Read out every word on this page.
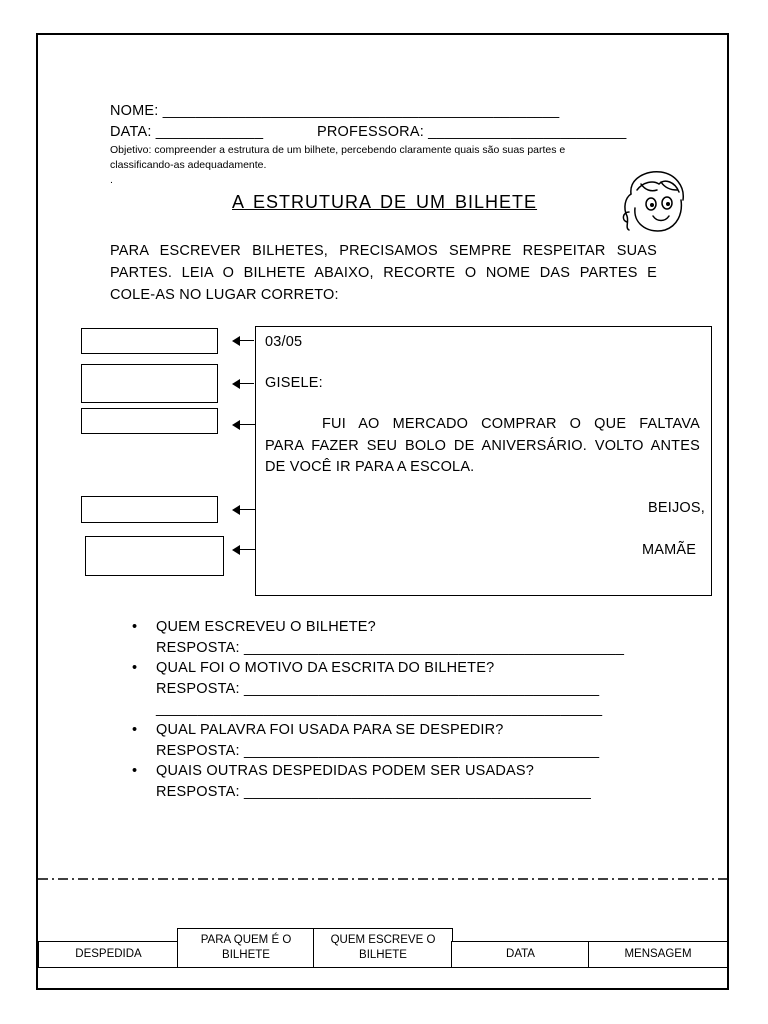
NOME: ________________________________________________
DATA: _____________	PROFESSORA: ________________________
Objetivo: compreender a estrutura de um bilhete, percebendo claramente quais são suas partes e
classificando-as adequadamente.
.
A ESTRUTURA DE UM BILHETE
PARA ESCREVER BILHETES, PRECISAMOS SEMPRE RESPEITAR SUAS
PARTES. LEIA O BILHETE ABAIXO, RECORTE O NOME DAS PARTES E
COLE-AS NO LUGAR CORRETO:
03/05
GISELE:
FUI AO MERCADO COMPRAR O QUE FALTAVA
PARA FAZER SEU BOLO DE ANIVERSÁRIO. VOLTO ANTES
DE VOCÊ IR PARA A ESCOLA.
BEIJOS,
MAMÃE
• QUEM ESCREVEU O BILHETE?
RESPOSTA: ______________________________________________
• QUAL FOI O MOTIVO DA ESCRITA DO BILHETE?
RESPOSTA: ___________________________________________
______________________________________________________
• QUAL PALAVRA FOI USADA PARA SE DESPEDIR?
RESPOSTA: ___________________________________________
• QUAIS OUTRAS DESPEDIDAS PODEM SER USADAS?
RESPOSTA: __________________________________________
DESPEDIDA
PARA QUEM É O BILHETE
QUEM ESCREVE O BILHETE	DATA	MENSAGEM
